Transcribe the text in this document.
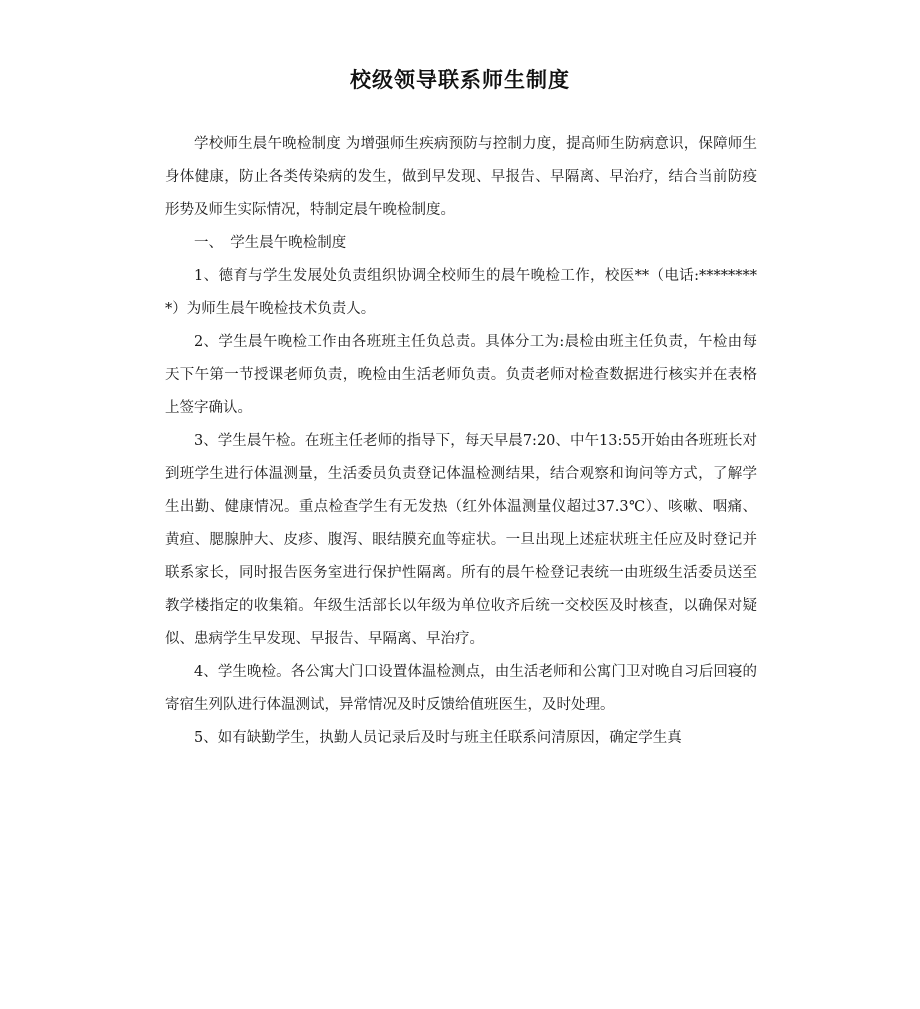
校级领导联系师生制度

学校师生晨午晚检制度 为增强师生疾病预防与控制力度，提高师生防病意识，保障师生身体健康，防止各类传染病的发生，做到早发现、早报告、早隔离、早治疗，结合当前防疫形势及师生实际情况，特制定晨午晚检制度。

一、　学生晨午晚检制度

1、德育与学生发展处负责组织协调全校师生的晨午晚检工作，校医**（电话:*********）为师生晨午晚检技术负责人。

2、学生晨午晚检工作由各班班主任负总责。具体分工为:晨检由班主任负责，午检由每天下午第一节授课老师负责，晚检由生活老师负责。负责老师对检查数据进行核实并在表格上签字确认。

3、学生晨午检。在班主任老师的指导下，每天早晨7:20、中午13:55开始由各班班长对到班学生进行体温测量，生活委员负责登记体温检测结果，结合观察和询问等方式，了解学生出勤、健康情况。重点检查学生有无发热（红外体温测量仪超过37.3℃）、咳嗽、咽痛、黄疸、腮腺肿大、皮疹、腹泻、眼结膜充血等症状。一旦出现上述症状班主任应及时登记并联系家长，同时报告医务室进行保护性隔离。所有的晨午检登记表统一由班级生活委员送至教学楼指定的收集箱。年级生活部长以年级为单位收齐后统一交校医及时核查，以确保对疑似、患病学生早发现、早报告、早隔离、早治疗。

4、学生晚检。各公寓大门口设置体温检测点，由生活老师和公寓门卫对晚自习后回寝的寄宿生列队进行体温测试，异常情况及时反馈给值班医生，及时处理。

5、如有缺勤学生，执勤人员记录后及时与班主任联系问清原因，确定学生真
